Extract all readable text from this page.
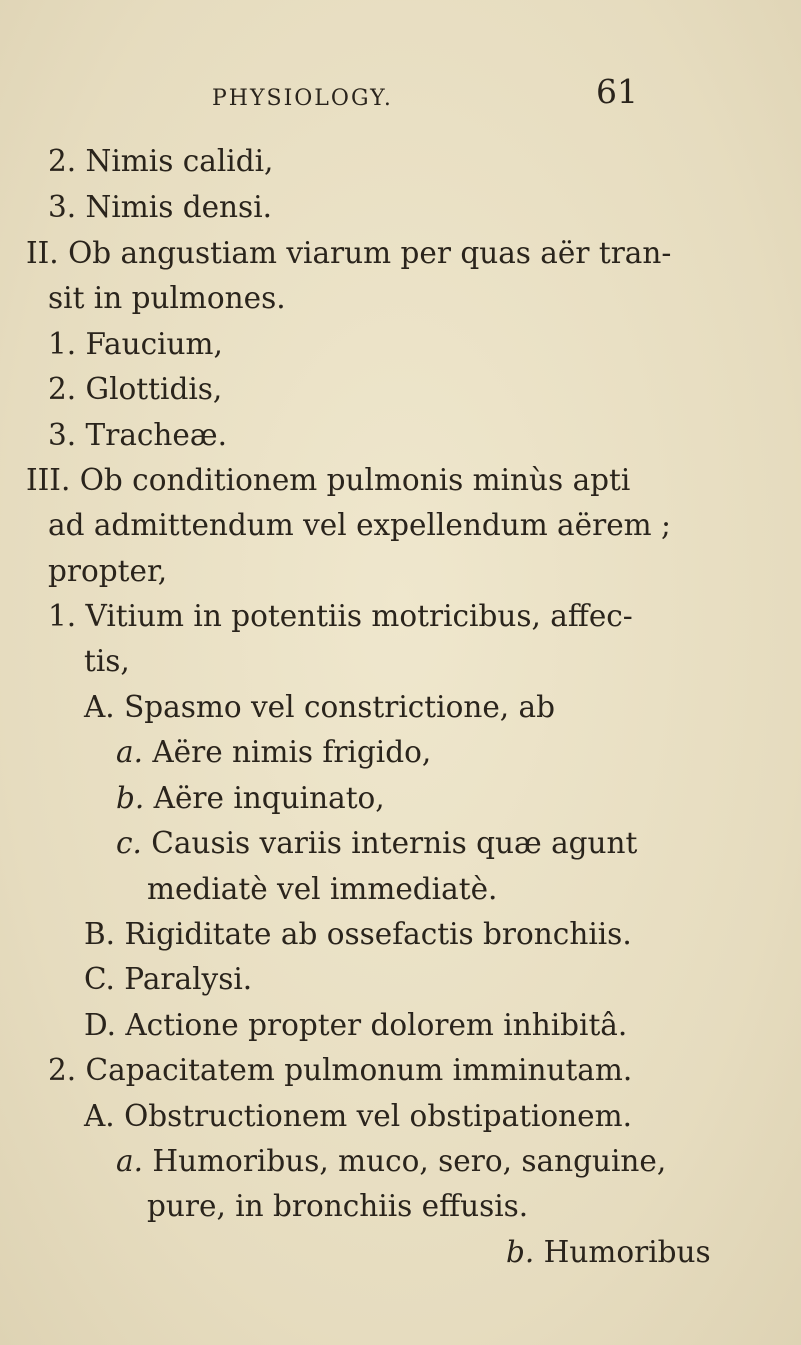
PHYSIOLOGY.	61
2. Nimis calidi,
3. Nimis densi.
II. Ob angustiam viarum per quas aër tran-
sit in pulmones.
1. Faucium,
2. Glottidis,
3. Tracheæ.
III. Ob conditionem pulmonis minùs apti
ad admittendum vel expellendum aërem ;
propter,
1. Vitium in potentiis motricibus, affec-
tis,
A. Spasmo vel constrictione, ab
a. Aëre nimis frigido,
b. Aëre inquinato,
c. Causis variis internis quæ agunt
mediatè vel immediatè.
B. Rigiditate ab ossefactis bronchiis.
C. Paralysi.
D. Actione propter dolorem inhibitâ.
2. Capacitatem pulmonum imminutam.
A. Obstructionem vel obstipationem.
a. Humoribus, muco, sero, sanguine,
pure, in bronchiis effusis.
b. Humoribus
